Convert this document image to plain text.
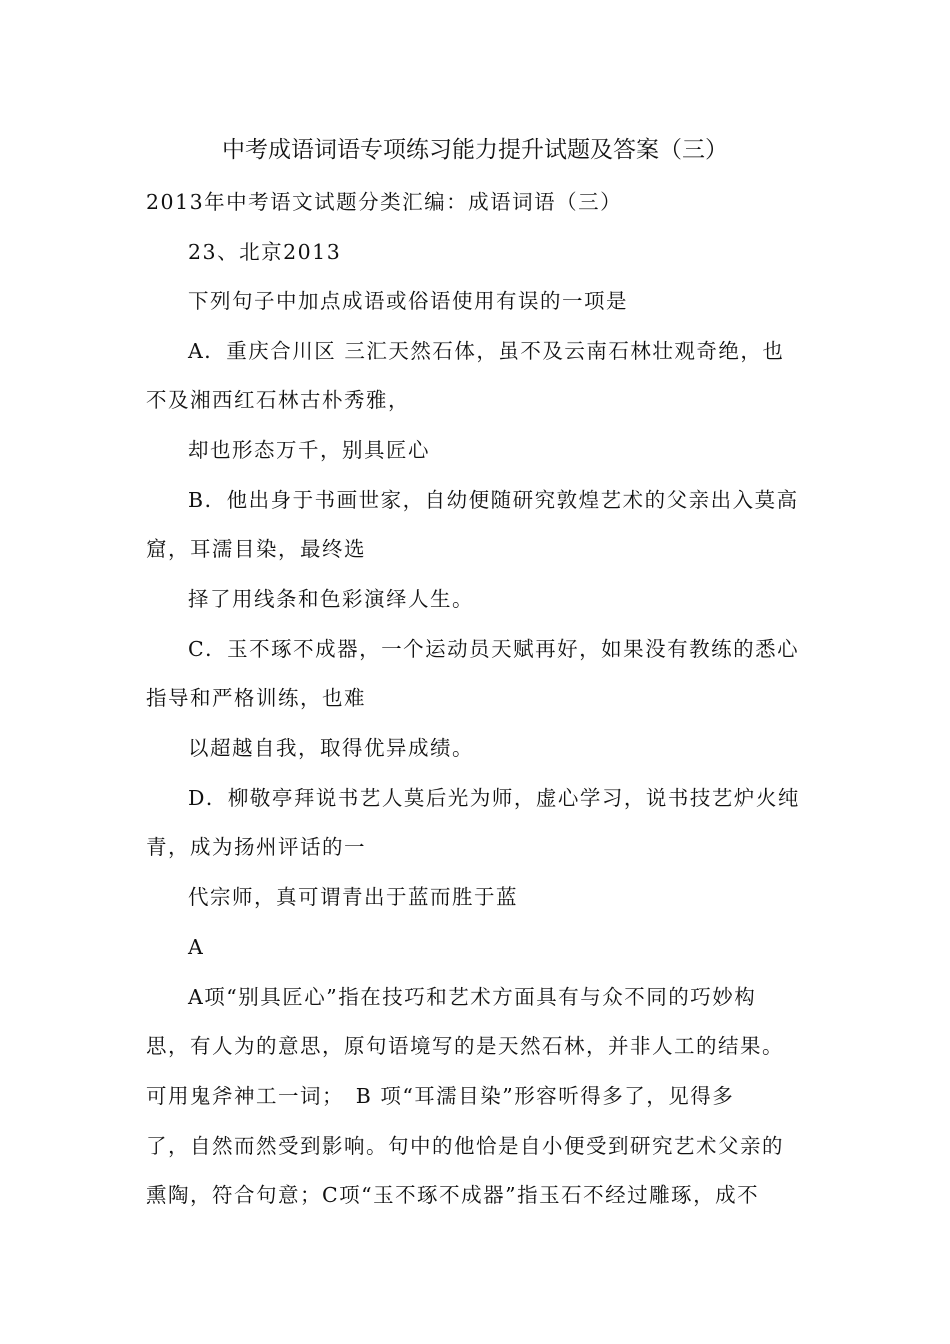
中考成语词语专项练习能力提升试题及答案（三）
2013年中考语文试题分类汇编：成语词语（三）
23、北京2013
下列句子中加点成语或俗语使用有误的一项是
A．重庆合川区 三汇天然石体，虽不及云南石林壮观奇绝，也
不及湘西红石林古朴秀雅，
却也形态万千，别具匠心
B．他出身于书画世家，自幼便随研究敦煌艺术的父亲出入莫高
窟，耳濡目染，最终选
择了用线条和色彩演绎人生。
C．玉不琢不成器，一个运动员天赋再好，如果没有教练的悉心
指导和严格训练，也难
以超越自我，取得优异成绩。
D．柳敬亭拜说书艺人莫后光为师，虚心学习，说书技艺炉火纯
青，成为扬州评话的一
代宗师，真可谓青出于蓝而胜于蓝
A
A项“别具匠心”指在技巧和艺术方面具有与众不同的巧妙构
思，有人为的意思，原句语境写的是天然石林，并非人工的结果。
可用鬼斧神工一词；　B 项“耳濡目染”形容听得多了，见得多
了，自然而然受到影响。句中的他恰是自小便受到研究艺术父亲的
熏陶，符合句意；C项“玉不琢不成器”指玉石不经过雕琢，成不
